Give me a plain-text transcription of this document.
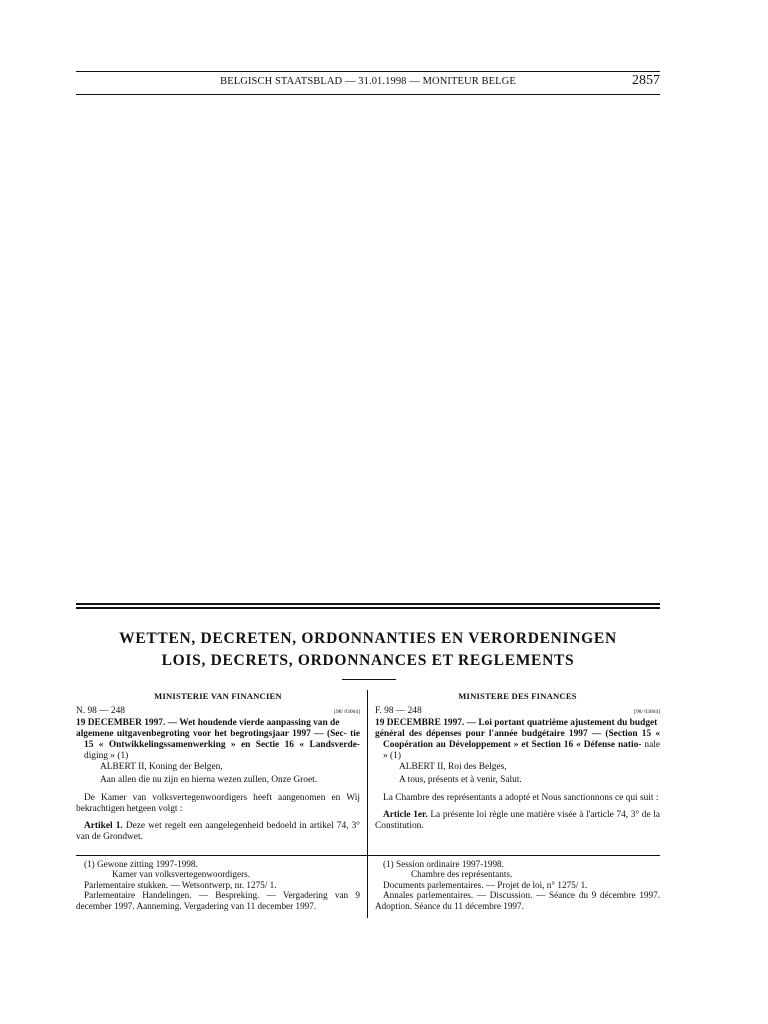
BELGISCH STAATSBLAD — 31.01.1998 — MONITEUR BELGE	2857
WETTEN, DECRETEN, ORDONNANTIES EN VERORDENINGEN
LOIS, DECRETS, ORDONNANCES ET REGLEMENTS

MINISTERIE VAN FINANCIEN

N. 98 — 248	[98/ 03004]

19 DECEMBER 1997. — Wet houdende vierde aanpassing van de
algemene uitgavenbegroting voor het begrotingsjaar 1997 — (Sec- tie 15 « Ontwikkelingssamenwerking » en Sectie 16 « Landsverde- diging » (1)

ALBERT II, Koning der Belgen,

Aan allen die nu zijn en hierna wezen zullen, Onze Groet.

De Kamer van volksvertegenwoordigers heeft aangenomen en Wij bekrachtigen hetgeen volgt :

Artikel 1. Deze wet regelt een aangelegenheid bedoeld in artikel 74, 3° van de Grondwet.

MINISTERE DES FINANCES

F. 98 — 248	[98/ 03004]

19 DECEMBRE 1997. — Loi portant quatrième ajustement du budget
général des dépenses pour l'année budgétaire 1997 — (Section 15 « Coopération au Développement » et Section 16 « Défense natio- nale » (1)

ALBERT II, Roi des Belges,

A tous, présents et à venir, Salut.

La Chambre des représentants a adopté et Nous sanctionnons ce qui suit :

Article 1er. La présente loi règle une matière visée à l'article 74, 3° de la Constitution.

(1) Gewone zitting 1997-1998.

Kamer van volksvertegenwoordigers.

Parlementaire stukken. — Wetsontwerp, nr. 1275/ 1.

Parlementaire Handelingen. — Bespreking. — Vergadering van 9 december 1997. Aanneming. Vergadering van 11 december 1997.

(1) Session ordinaire 1997-1998.

Chambre des représentants.

Documents parlementaires. — Projet de loi, n° 1275/ 1.

Annales parlementaires. — Discussion. — Séance du 9 décembre 1997. Adoption. Séance du 11 décembre 1997.
